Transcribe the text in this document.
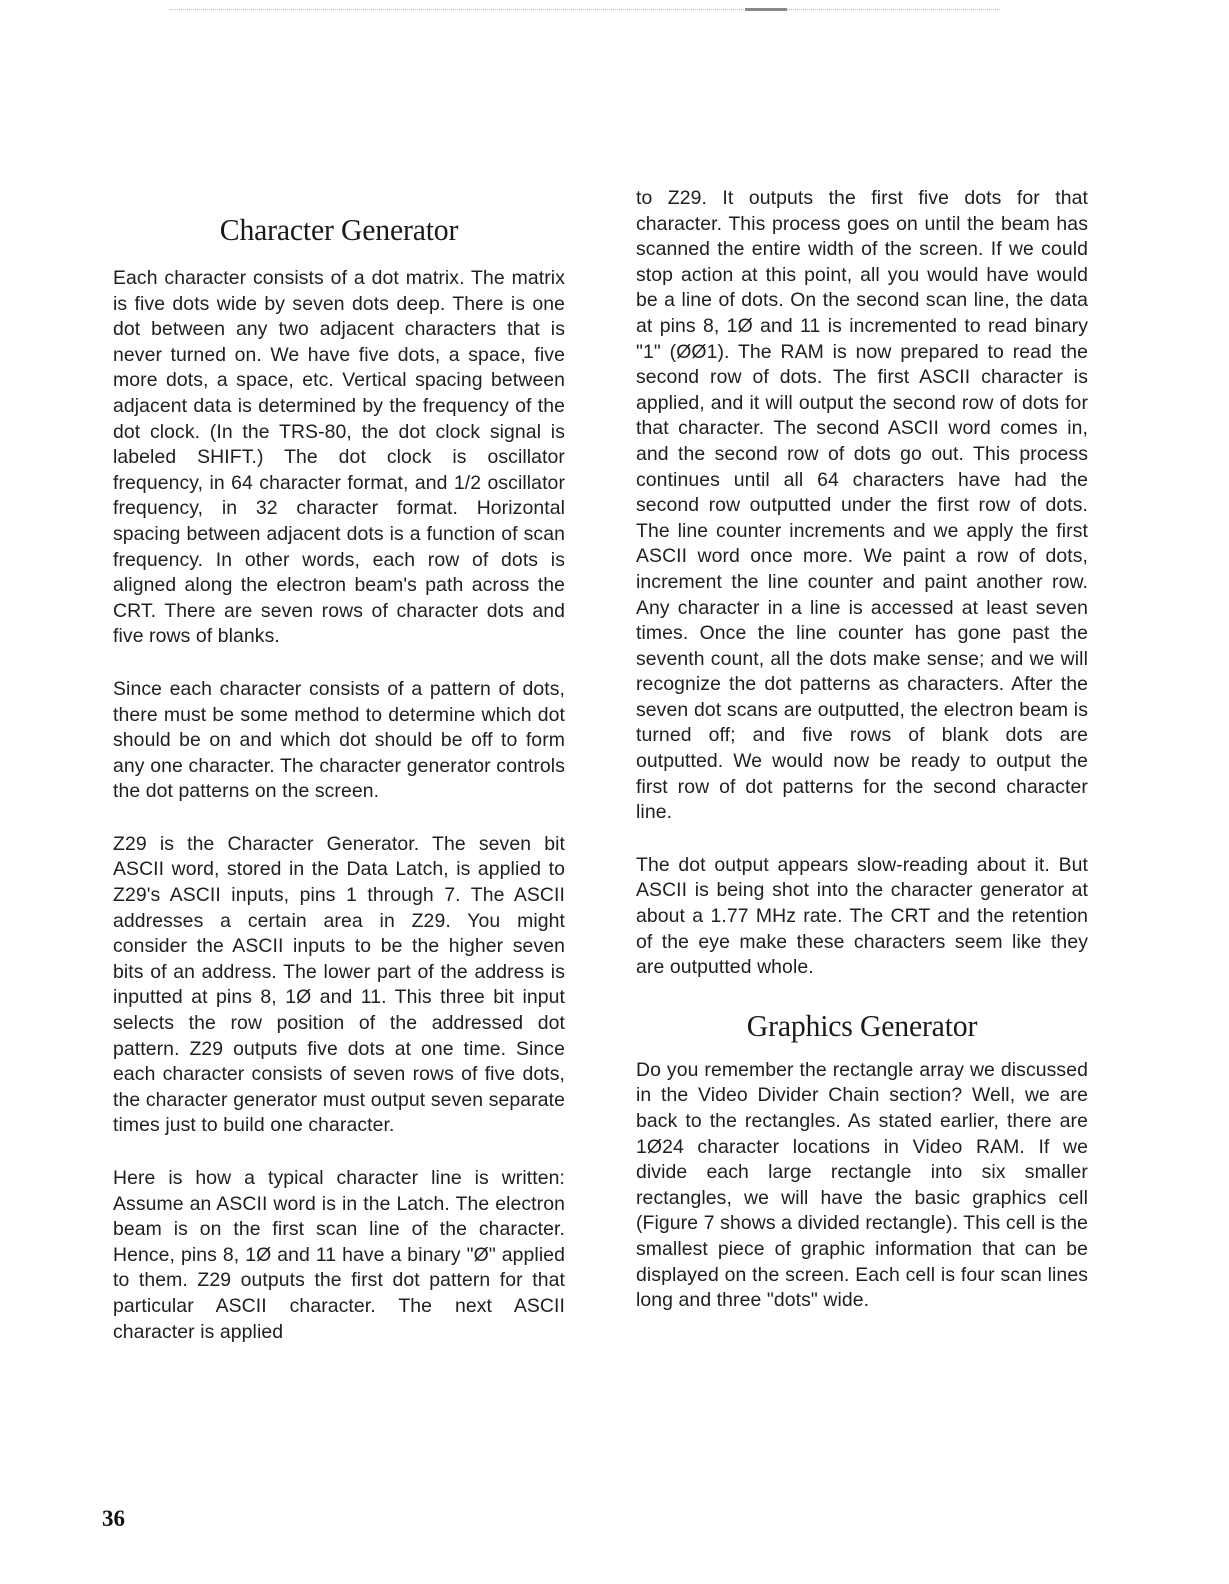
Character Generator

Each character consists of a dot matrix. The matrix is five dots wide by seven dots deep. There is one dot between any two adjacent characters that is never turned on. We have five dots, a space, five more dots, a space, etc. Vertical spacing between adjacent data is determined by the frequency of the dot clock. (In the TRS-80, the dot clock signal is labeled SHIFT.) The dot clock is oscillator frequency, in 64 character format, and 1/2 oscillator frequency, in 32 character format. Horizontal spacing between adjacent dots is a function of scan frequency. In other words, each row of dots is aligned along the electron beam's path across the CRT. There are seven rows of character dots and five rows of blanks.

Since each character consists of a pattern of dots, there must be some method to determine which dot should be on and which dot should be off to form any one character. The character generator controls the dot patterns on the screen.

Z29 is the Character Generator. The seven bit ASCII word, stored in the Data Latch, is applied to Z29's ASCII inputs, pins 1 through 7. The ASCII addresses a certain area in Z29. You might consider the ASCII inputs to be the higher seven bits of an address. The lower part of the address is inputted at pins 8, 1Ø and 11. This three bit input selects the row position of the addressed dot pattern. Z29 outputs five dots at one time. Since each character consists of seven rows of five dots, the character generator must output seven separate times just to build one character.

Here is how a typical character line is written: Assume an ASCII word is in the Latch. The electron beam is on the first scan line of the character. Hence, pins 8, 1Ø and 11 have a binary "Ø" applied to them. Z29 outputs the first dot pattern for that particular ASCII character. The next ASCII character is applied

to Z29. It outputs the first five dots for that character. This process goes on until the beam has scanned the entire width of the screen. If we could stop action at this point, all you would have would be a line of dots. On the second scan line, the data at pins 8, 1Ø and 11 is incremented to read binary "1" (ØØ1). The RAM is now prepared to read the second row of dots. The first ASCII character is applied, and it will output the second row of dots for that character. The second ASCII word comes in, and the second row of dots go out. This process continues until all 64 characters have had the second row outputted under the first row of dots. The line counter increments and we apply the first ASCII word once more. We paint a row of dots, increment the line counter and paint another row. Any character in a line is accessed at least seven times. Once the line counter has gone past the seventh count, all the dots make sense; and we will recognize the dot patterns as characters. After the seven dot scans are outputted, the electron beam is turned off; and five rows of blank dots are outputted. We would now be ready to output the first row of dot patterns for the second character line.

The dot output appears slow-reading about it. But ASCII is being shot into the character generator at about a 1.77 MHz rate. The CRT and the retention of the eye make these characters seem like they are outputted whole.

Graphics Generator

Do you remember the rectangle array we discussed in the Video Divider Chain section? Well, we are back to the rectangles. As stated earlier, there are 1Ø24 character locations in Video RAM. If we divide each large rectangle into six smaller rectangles, we will have the basic graphics cell (Figure 7 shows a divided rectangle). This cell is the smallest piece of graphic information that can be displayed on the screen. Each cell is four scan lines long and three "dots" wide.

36
